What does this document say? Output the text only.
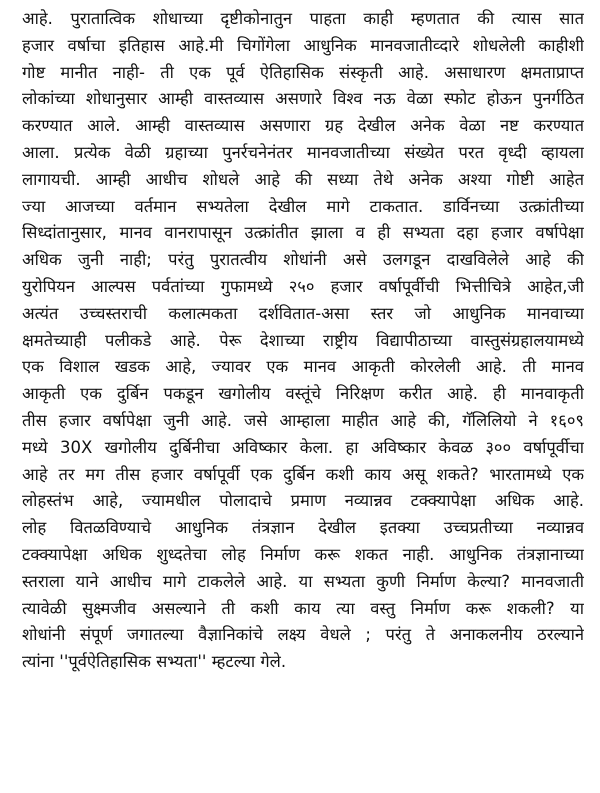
आहे. पुरातात्विक शोधाच्या दृष्टीकोनातुन पाहता काही म्हणतात की त्यास सात
हजार वर्षाचा इतिहास आहे.मी चिगोंगेला आधुनिक मानवजातीव्दारे शोधलेली काहीशी
गोष्ट मानीत नाही- ती एक पूर्व ऐतिहासिक संस्कृती आहे. असाधारण क्षमताप्राप्त
लोकांच्या शोधानुसार आम्ही वास्तव्यास असणारे विश्व नऊ वेळा स्फोट होऊन पुनर्गठित
करण्यात आले. आम्ही वास्तव्यास असणारा ग्रह देखील अनेक वेळा नष्ट करण्यात
आला. प्रत्येक वेळी ग्रहाच्या पुनर्रचनेनंतर मानवजातीच्या संख्येत परत वृध्दी व्हायला
लागायची. आम्ही आधीच शोधले आहे की सध्या तेथे अनेक अश्या गोष्टी आहेत
ज्या आजच्या वर्तमान सभ्यतेला देखील मागे टाकतात. डार्विनच्या उत्क्रांतीच्या
सिध्दांतानुसार, मानव वानरापासून उत्क्रांतीत झाला व ही सभ्यता दहा हजार वर्षापेक्षा
अधिक जुनी नाही; परंतु पुरातत्वीय शोधांनी असे उलगडून दाखविलेले आहे की
युरोपियन आल्पस पर्वतांच्या गुफामध्ये २५० हजार वर्षापूर्वीची भित्तीचित्रे आहेत,जी
अत्यंत उच्चस्तराची कलात्मकता दर्शवितात-असा स्तर जो आधुनिक मानवाच्या
क्षमतेच्याही पलीकडे आहे. पेरू देशाच्या राष्ट्रीय विद्यापीठाच्या वास्तुसंग्रहालयामध्ये
एक विशाल खडक आहे, ज्यावर एक मानव आकृती कोरलेली आहे. ती मानव
आकृती एक दुर्बिन पकडून खगोलीय वस्तूंचे निरिक्षण करीत आहे. ही मानवाकृती
तीस हजार वर्षापेक्षा जुनी आहे. जसे आम्हाला माहीत आहे की, गॅलिलियो ने १६०९
मध्ये 30X खगोलीय दुर्बिनीचा अविष्कार केला. हा अविष्कार केवळ ३०० वर्षापूर्वीचा
आहे तर मग तीस हजार वर्षापूर्वी एक दुर्बिन कशी काय असू शकते? भारतामध्ये एक
लोहस्तंभ आहे, ज्यामधील पोलादाचे प्रमाण नव्यान्नव टक्क्यापेक्षा अधिक आहे.
लोह वितळविण्याचे आधुनिक तंत्रज्ञान देखील इतक्या उच्चप्रतीच्या नव्यान्नव
टक्क्यापेक्षा अधिक शुध्दतेचा लोह निर्माण करू शकत नाही. आधुनिक तंत्रज्ञानाच्या
स्तराला याने आधीच मागे टाकलेले आहे. या सभ्यता कुणी निर्माण केल्या? मानवजाती
त्यावेळी सुक्ष्मजीव असल्याने ती कशी काय त्या वस्तु निर्माण करू शकली? या
शोधांनी संपूर्ण जगातल्या वैज्ञानिकांचे लक्ष्य वेधले ; परंतु ते अनाकलनीय ठरल्याने
त्यांना ''पूर्वऐतिहासिक सभ्यता'' म्हटल्या गेले.
